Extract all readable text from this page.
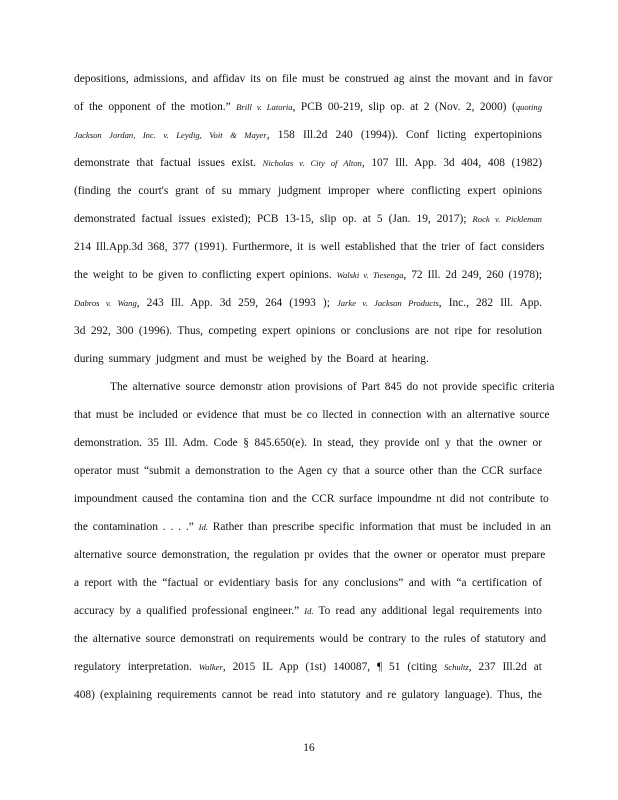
depositions, admissions, and affidav its on file must be construed ag ainst the movant and in favor
of the opponent of the motion.” Brill v. Latoria, PCB 00-219, slip op. at 2 (Nov. 2, 2000) (quoting
Jackson Jordan, Inc. v. Leydig, Voit & Mayer, 158 Ill.2d 240 (1994)). Conf licting expertopinions
demonstrate that factual issues exist. Nicholas v. City of Alton, 107 Ill. App. 3d 404, 408 (1982)
(finding the court's grant of su mmary judgment improper where conflicting expert opinions
demonstrated factual issues existed); PCB 13-15, slip op. at 5 (Jan. 19, 2017); Rock v. Pickleman
214 Ill.App.3d 368, 377 (1991). Furthermore, it is well established that the trier of fact considers
the weight to be given to conflicting expert opinions. Walski v. Tiesenga, 72 Ill. 2d 249, 260 (1978);
Dabros v. Wang, 243 Ill. App. 3d 259, 264 (1993 ); Jarke v. Jackson Products, Inc., 282 Ill. App.
3d 292, 300 (1996). Thus, competing expert opinions or conclusions are not ripe for resolution
during summary judgment and must be weighed by the Board at hearing.
The alternative source demonstr ation provisions of Part 845 do not provide specific criteria
that must be included or evidence that must be co llected in connection with an alternative source
demonstration. 35 Ill. Adm. Code § 845.650(e). In stead, they provide onl y that the owner or
operator must “submit a demonstration to the Agen cy that a source other than the CCR surface
impoundment caused the contamina tion and the CCR surface impoundme nt did not contribute to
the contamination . . . .” Id. Rather than prescribe specific information that must be included in an
alternative source demonstration, the regulation pr ovides that the owner or operator must prepare
a report with the “factual or evidentiary basis for any conclusions” and with “a certification of
accuracy by a qualified professional engineer.” Id. To read any additional legal requirements into
the alternative source demonstrati on requirements would be contrary to the rules of statutory and
regulatory interpretation. Walker, 2015 IL App (1st) 140087, ¶ 51 (citing Schultz, 237 Ill.2d at
408) (explaining requirements cannot be read into statutory and re gulatory language). Thus, the
16
